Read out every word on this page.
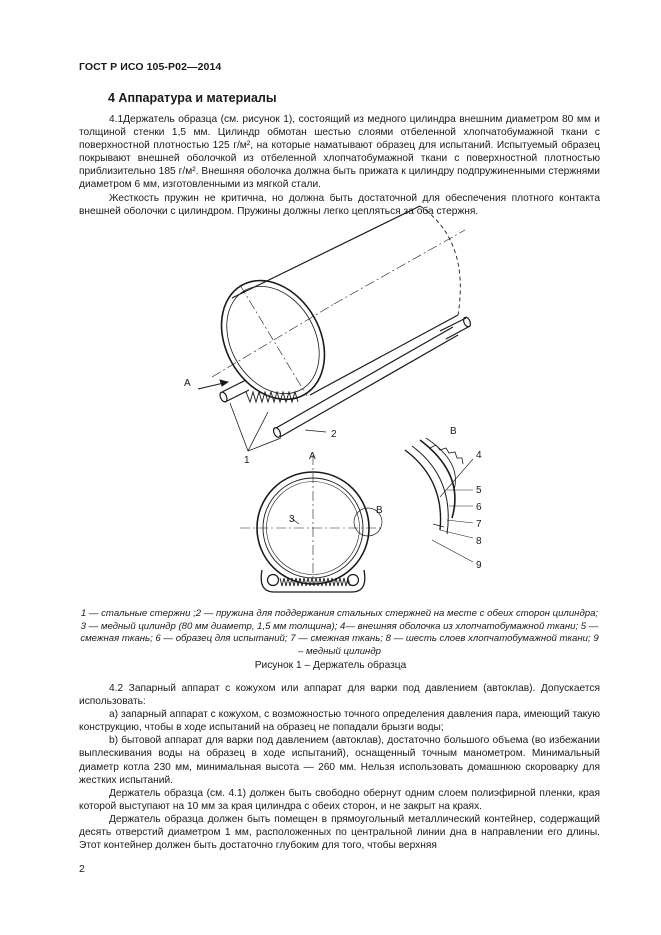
ГОСТ Р ИСО 105-P02—2014
4 Аппаратура и материалы

4.1Держатель образца (см. рисунок 1), состоящий из медного цилиндра внешним диаметром 80 мм и толщиной стенки 1,5 мм. Цилиндр обмотан шестью слоями отбеленной хлопчатобумажной ткани с поверхностной плотностью 125 г/м², на которые наматывают образец для испытаний. Испытуемый образец покрывают внешней оболочкой из отбеленной хлопчатобумажной ткани с поверхностной плотностью приблизительно 185 г/м². Внешняя оболочка должна быть прижата к цилиндру подпружиненными стержнями диаметром 6 мм, изготовленными из мягкой стали.

Жесткость пружин не критична, но должна быть достаточной для обеспечения плотного контакта внешней оболочки с цилиндром. Пружины должны легко цепляться за оба стержня.

A
A
B
B
1
2
3
4
5
6
7
8
9
1 — стальные стержни ;2 — пружина для поддержания стальных стержней на месте с обеих сторон цилиндра; 3 — медный цилиндр (80 мм диаметр, 1,5 мм толщина); 4— внешняя оболочка из хлопчатобумажной ткани; 5 — смежная ткань; 6 — образец для испытаний; 7 — смежная ткань; 8 — шесть слоев хлопчатобумажной ткани; 9 – медный цилиндр
Рисунок 1 – Держатель образца

4.2 Запарный аппарат с кожухом или аппарат для варки под давлением (автоклав). Допускается использовать:

а) запарный аппарат с кожухом, с возможностью точного определения давления пара, имеющий такую конструкцию, чтобы в ходе испытаний на образец не попадали брызги воды;

b) бытовой аппарат для варки под давлением (автоклав), достаточно большого объема (во избежании выплескивания воды на образец в ходе испытаний), оснащенный точным манометром. Минимальный диаметр котла 230 мм, минимальная высота — 260 мм. Нельзя использовать домашнюю скороварку для жестких испытаний.

Держатель образца (см. 4.1) должен быть свободно обернут одним слоем полиэфирной пленки, края которой выступают на 10 мм за края цилиндра с обеих сторон, и не закрыт на краях.

Держатель образца должен быть помещен в прямоугольный металлический контейнер, содержащий десять отверстий диаметром 1 мм, расположенных по центральной линии дна в направлении его длины. Этот контейнер должен быть достаточно глубоким для того, чтобы верхняя

2
